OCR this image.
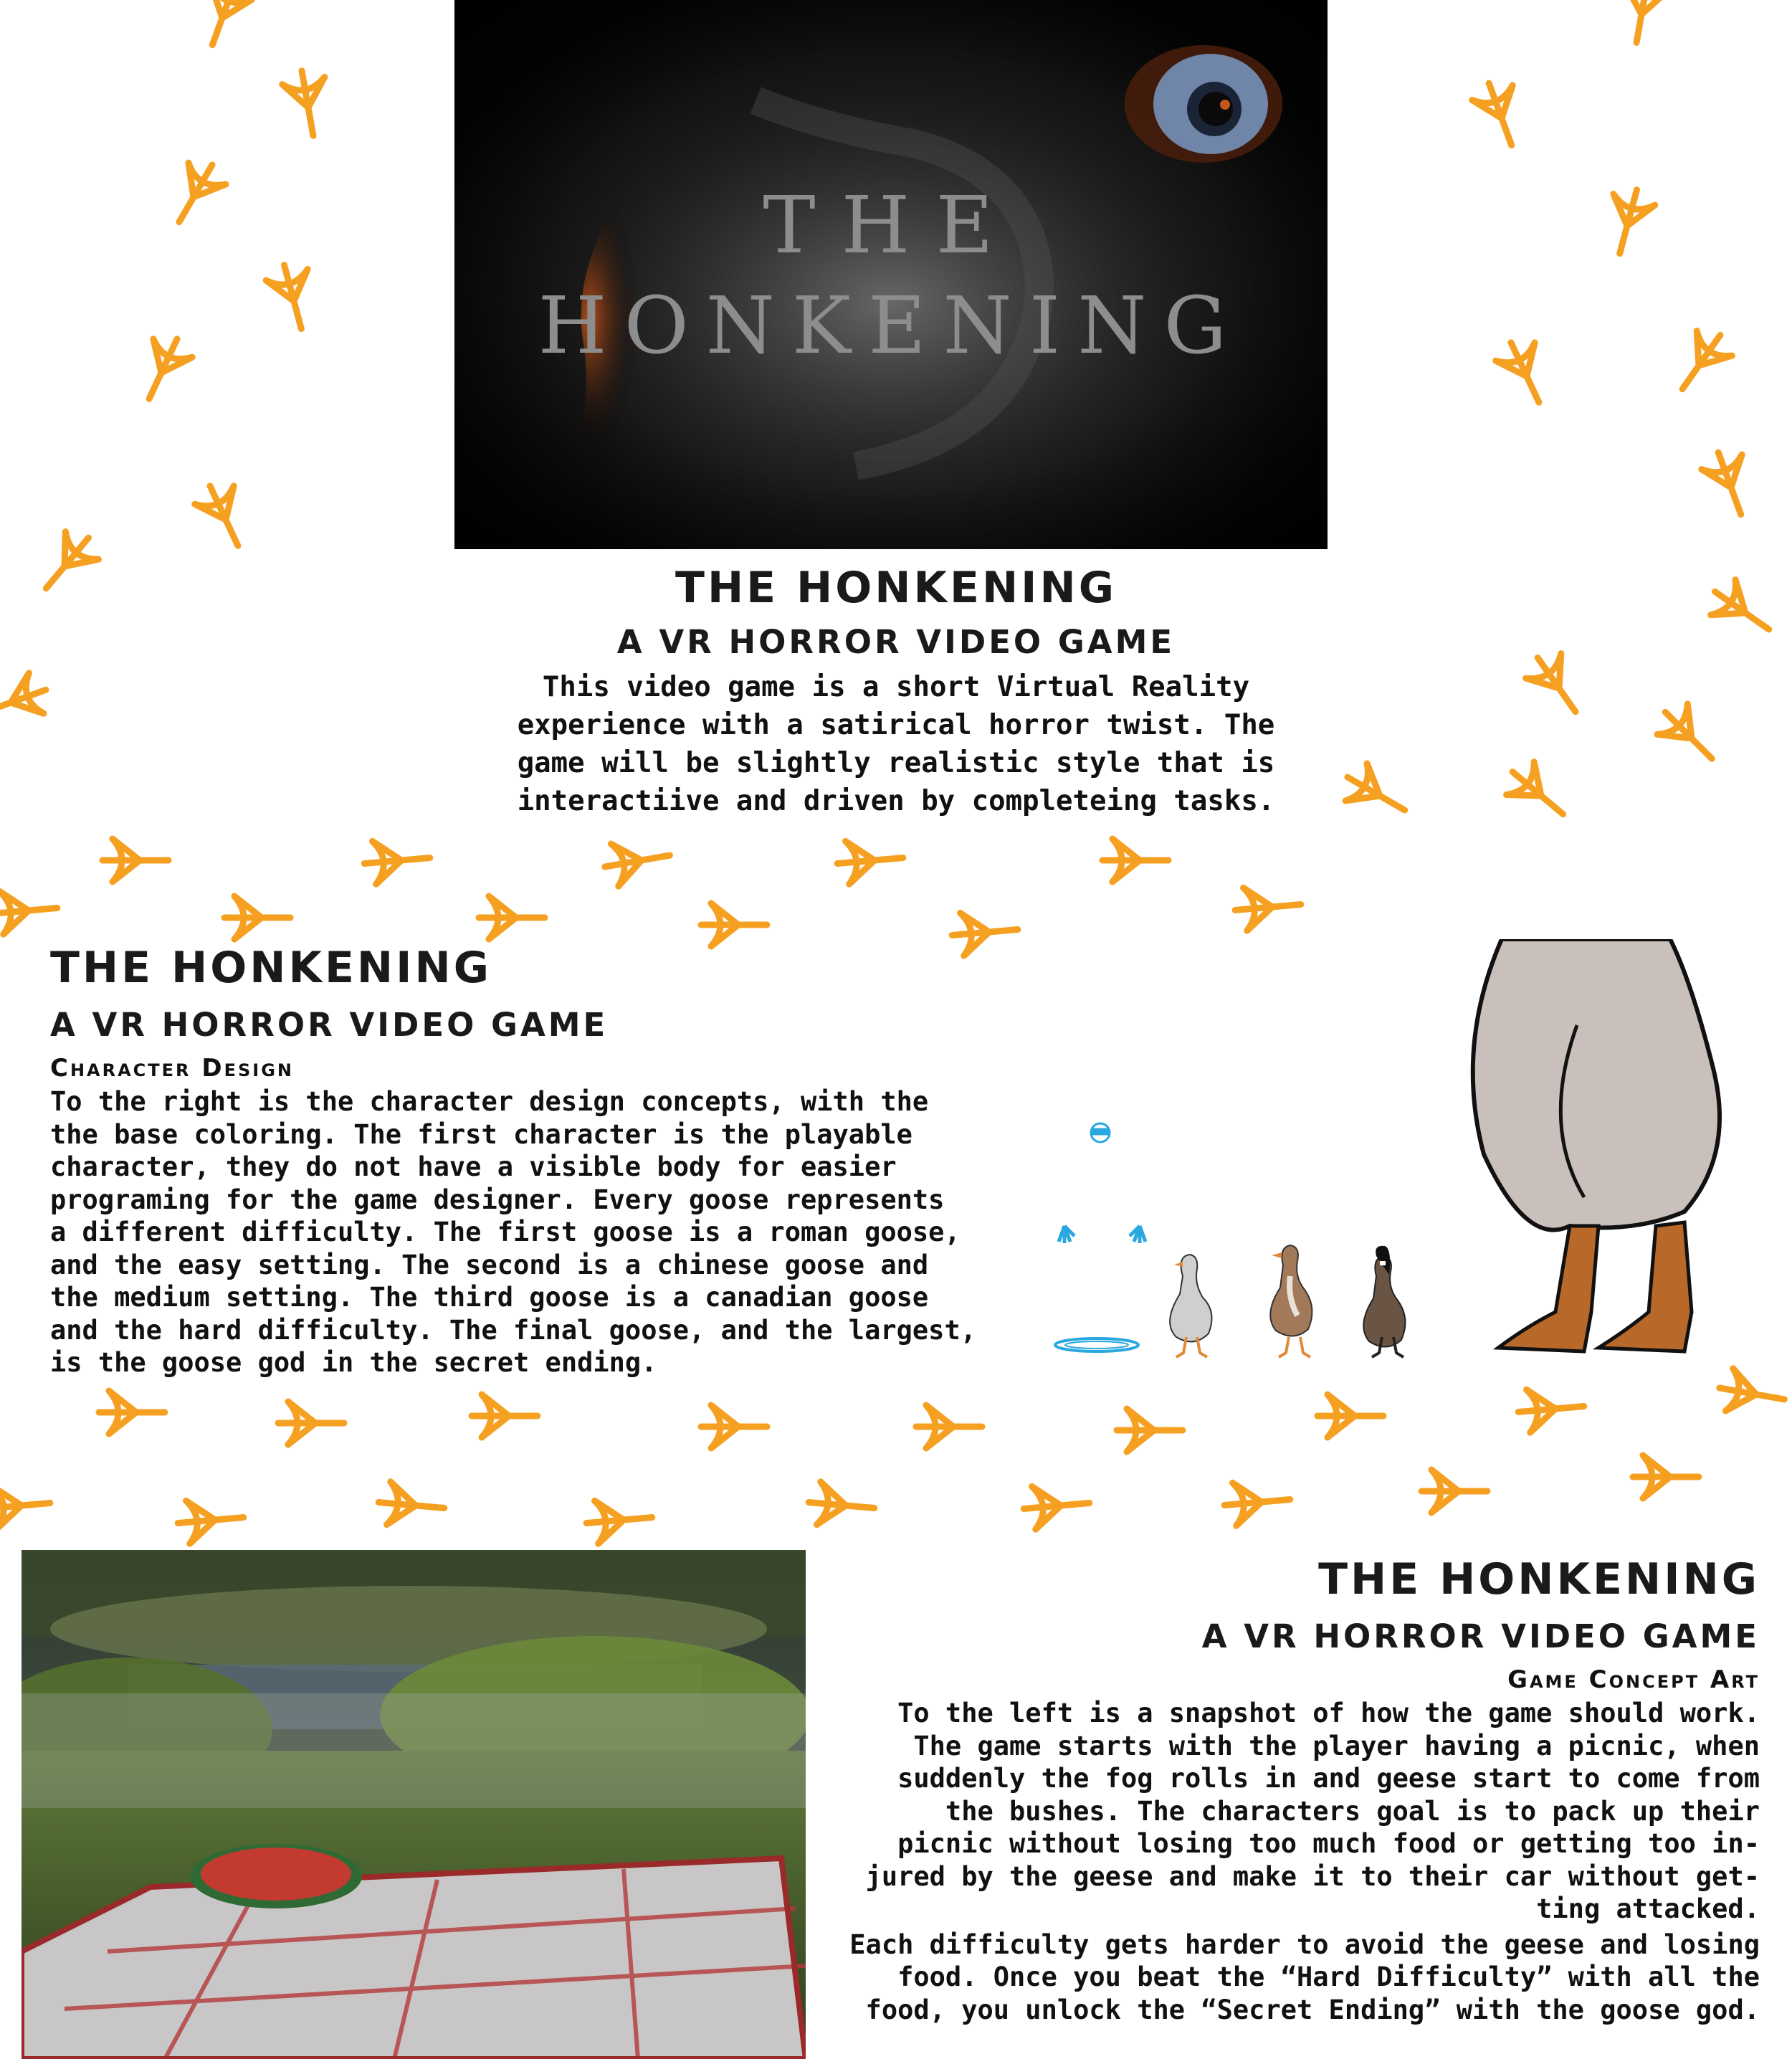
THE
HONKENING
THE HONKENING
A VR HORROR VIDEO GAME

This video game is a short Virtual Reality
experience with a satirical horror twist. The
game will be slightly realistic style that is
interactiive and driven by completeing tasks.

THE HONKENING
A VR HORROR VIDEO GAME
Character Design

To the right is the character design concepts, with the
the base coloring. The first character is the playable
character, they do not have a visible body for easier
programing for the game designer. Every goose represents
a different difficulty. The first goose is a roman goose,
and the easy setting. The second is a chinese goose and
the medium setting. The third goose is a canadian goose
and the hard difficulty. The final goose, and the largest,
is the goose god in the secret ending.

THE HONKENING
A VR HORROR VIDEO GAME
Game Concept Art

To the left is a snapshot of how the game should work.
The game starts with the player having a picnic, when
suddenly the fog rolls in and geese start to come from
the bushes. The characters goal is to pack up their
picnic without losing too much food or getting too in-
jured by the geese and make it to their car without get-
ting attacked.

Each difficulty gets harder to avoid the geese and losing
food. Once you beat the “Hard Difficulty” with all the
food, you unlock the “Secret Ending” with the goose god.
